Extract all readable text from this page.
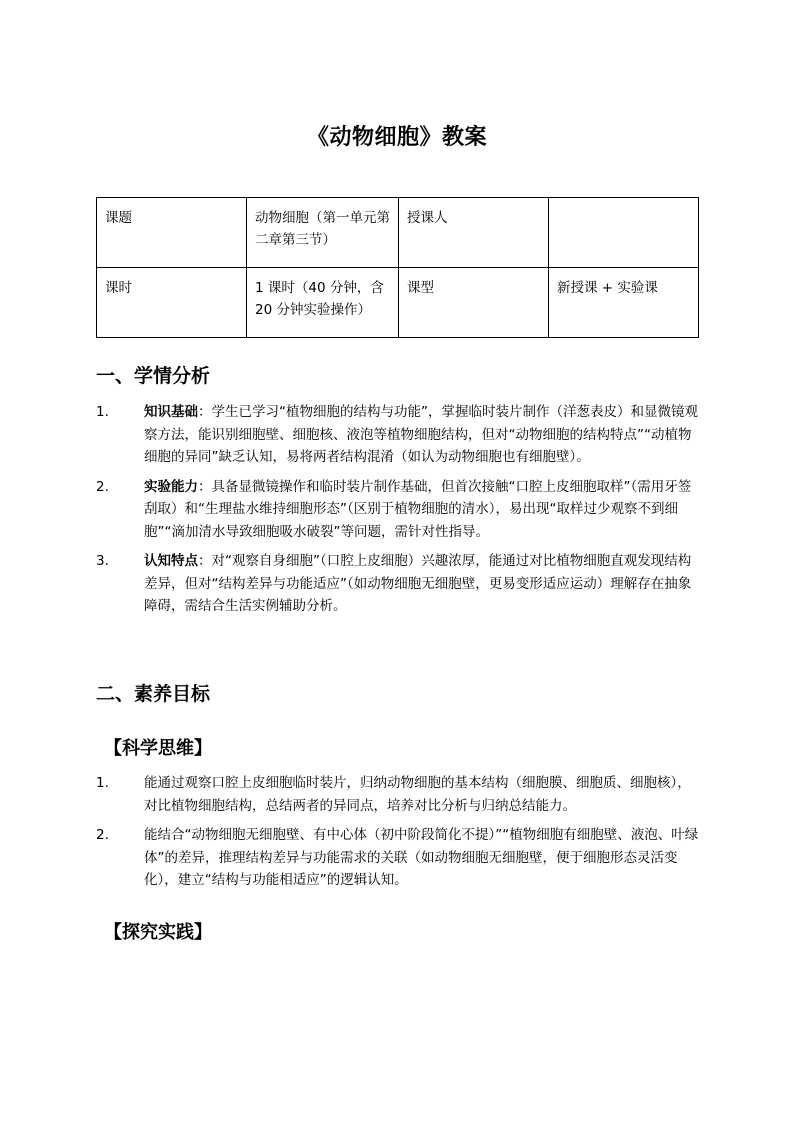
《动物细胞》教案
课题	动物细胞（第一单元第二章第三节）	授课人	
课时	1 课时（40 分钟，含 20 分钟实验操作）	课型	新授课 + 实验课
一、学情分析
1.	知识基础：学生已学习“植物细胞的结构与功能”，掌握临时装片制作（洋葱表皮）和显微镜观察方法，能识别细胞壁、细胞核、液泡等植物细胞结构，但对“动物细胞的结构特点”“动植物细胞的异同”缺乏认知，易将两者结构混淆（如认为动物细胞也有细胞壁）。
2.	实验能力：具备显微镜操作和临时装片制作基础，但首次接触“口腔上皮细胞取样”（需用牙签刮取）和“生理盐水维持细胞形态”（区别于植物细胞的清水），易出现“取样过少观察不到细胞”“滴加清水导致细胞吸水破裂”等问题，需针对性指导。
3.	认知特点：对“观察自身细胞”（口腔上皮细胞）兴趣浓厚，能通过对比植物细胞直观发现结构差异，但对“结构差异与功能适应”（如动物细胞无细胞壁，更易变形适应运动）理解存在抽象障碍，需结合生活实例辅助分析。
二、素养目标
【科学思维】
1.	能通过观察口腔上皮细胞临时装片，归纳动物细胞的基本结构（细胞膜、细胞质、细胞核），对比植物细胞结构，总结两者的异同点，培养对比分析与归纳总结能力。
2.	能结合“动物细胞无细胞壁、有中心体（初中阶段简化不提）”“植物细胞有细胞壁、液泡、叶绿体”的差异，推理结构差异与功能需求的关联（如动物细胞无细胞壁，便于细胞形态灵活变化），建立“结构与功能相适应”的逻辑认知。
【探究实践】
